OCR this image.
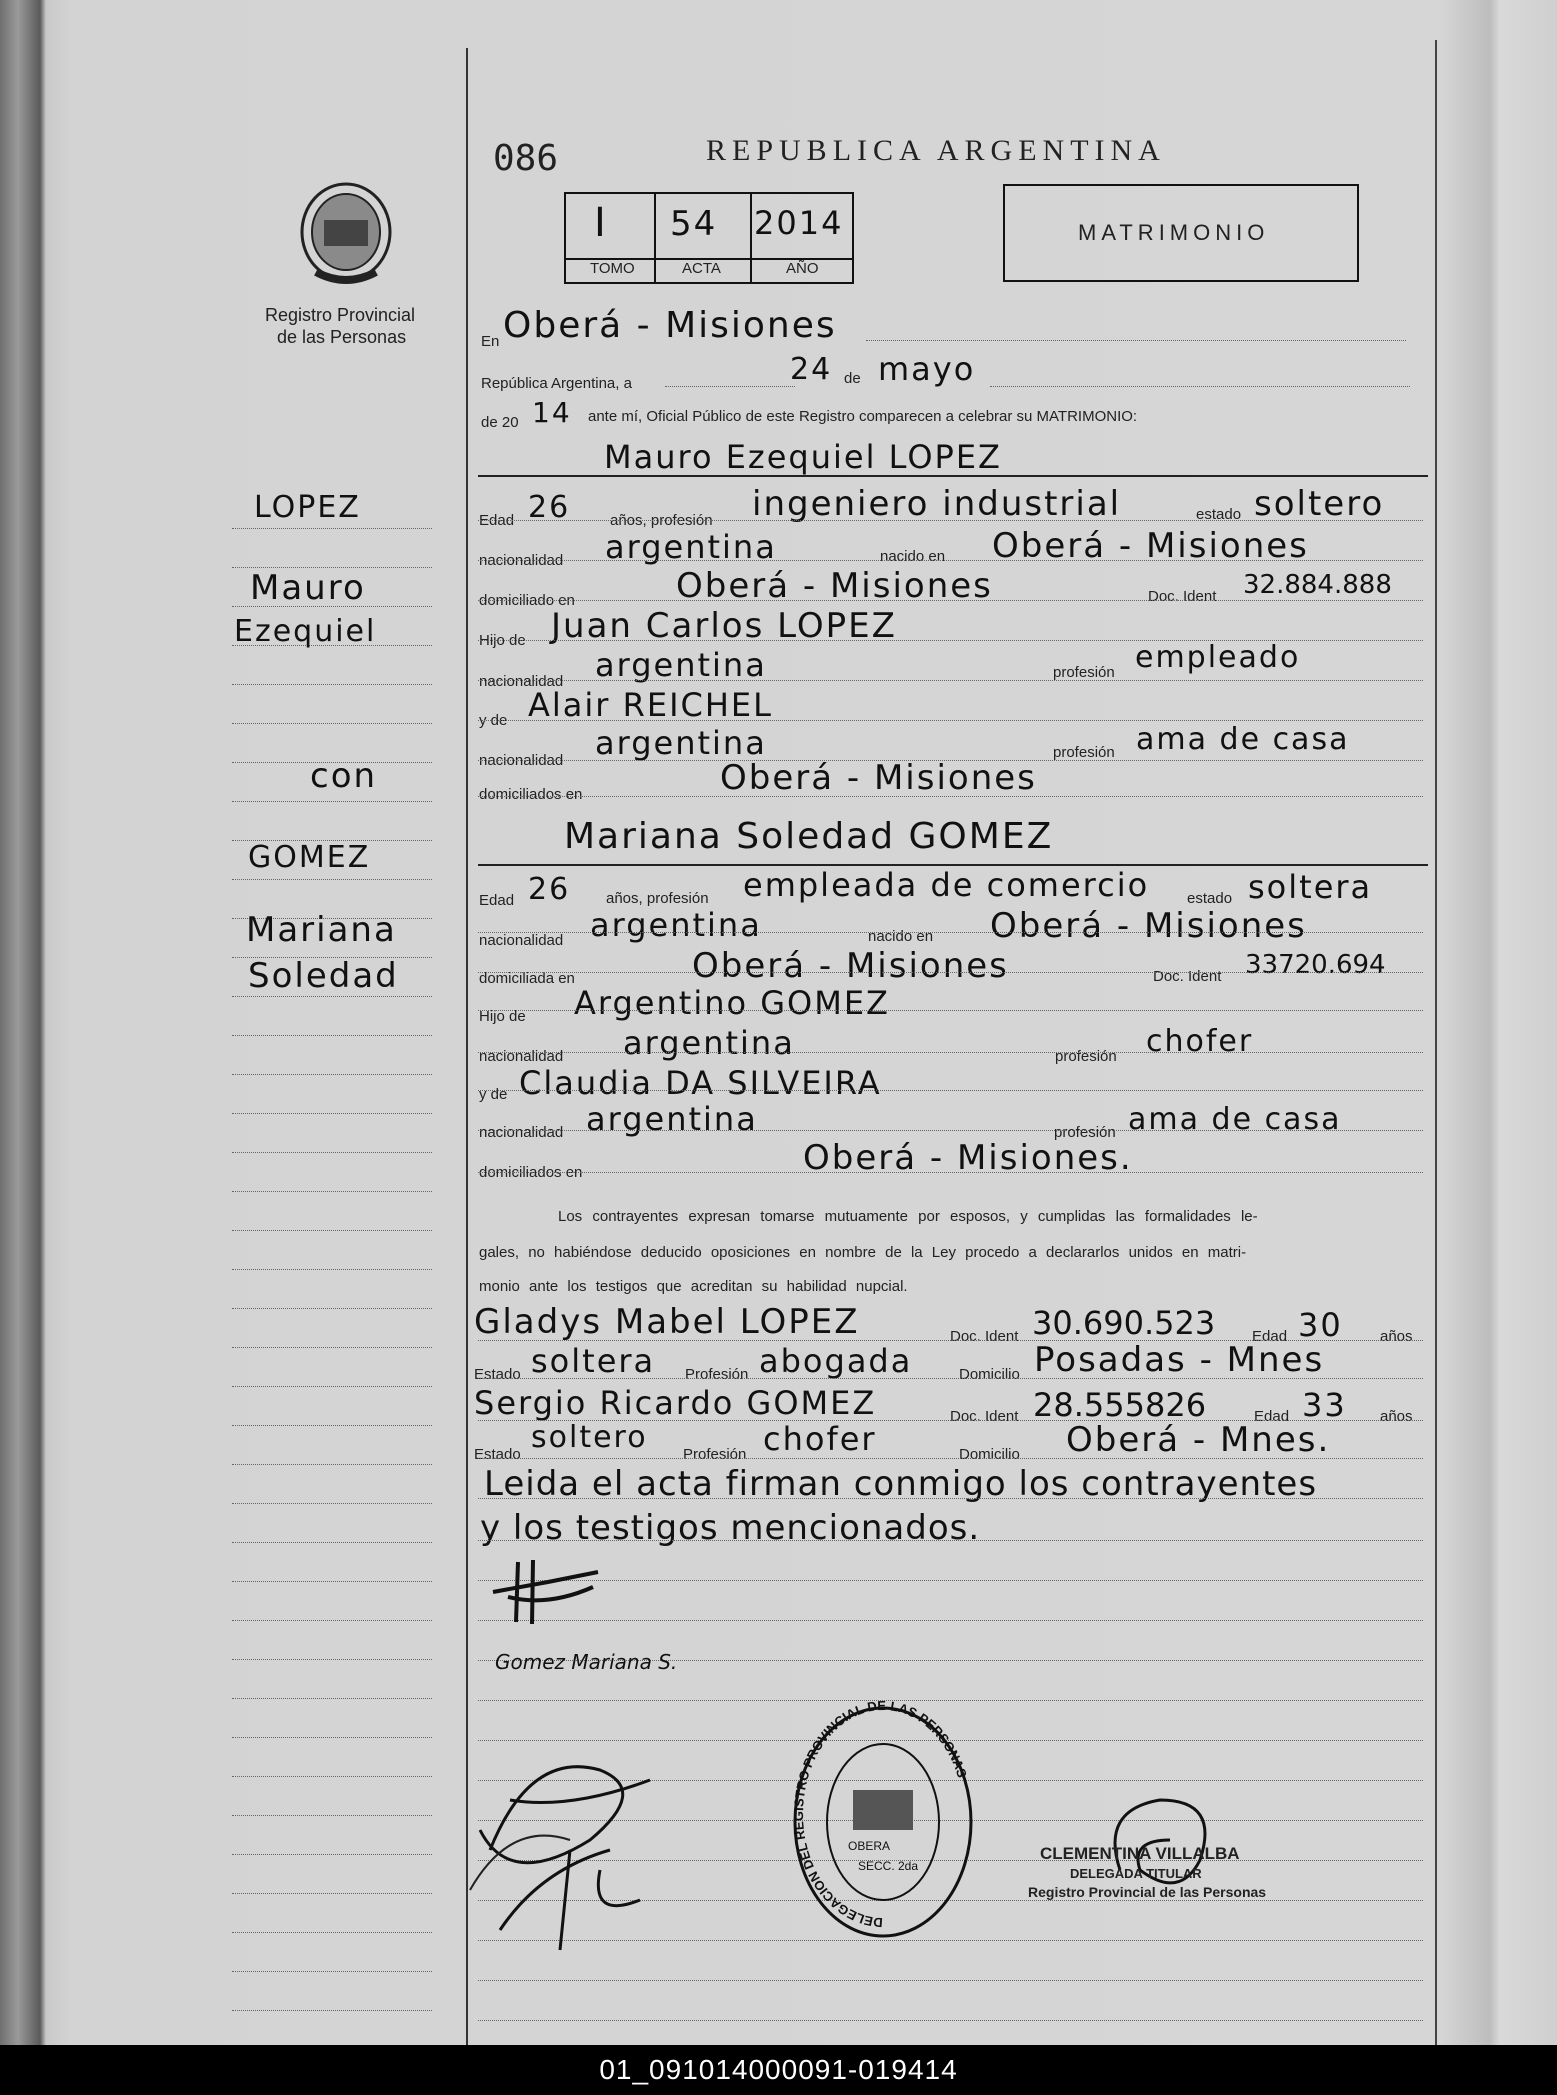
086	REPUBLICA ARGENTINA
I 54 2014
TOMO	ACTA	AÑO
MATRIMONIO
Registro Provincial
de las Personas
LOPEZ
Mauro
Ezequiel
con
GOMEZ
Mariana
Soledad
En Oberá - Misiones
República Argentina, a	24 de mayo
de 20 14 ante mí, Oficial Público de este Registro comparecen a celebrar su MATRIMONIO:
Mauro Ezequiel LOPEZ
Edad 26	años, profesión ingeniero industrial	estado soltero
nacionalidad argentina	nacido en Oberá - Misiones
domiciliado en	Oberá - Misiones	Doc. Ident 32.884.888
Hijo de Juan Carlos LOPEZ
nacionalidad argentina	profesión empleado
y de Alair REICHEL
nacionalidad argentina	profesión ama de casa
domiciliados en	Oberá - Misiones
Mariana Soledad GOMEZ
Edad 26 años, profesión empleada de comercio	estado soltera
nacionalidad argentina	nacido en Oberá - Misiones
domiciliada en	Oberá - Misiones	Doc. Ident 33720.694
Hijo de Argentino GOMEZ
nacionalidad argentina	profesión chofer
y de Claudia DA SILVEIRA
nacionalidad argentina	profesión ama de casa
domiciliados en	Oberá - Misiones.
Los contrayentes expresan tomarse mutuamente por esposos, y cumplidas las formalidades le-
gales, no habiéndose deducido oposiciones en nombre de la Ley procedo a declararlos unidos en matri-
monio ante los testigos que acreditan su habilidad nupcial.
Gladys Mabel LOPEZ	Doc. Ident 30.690.523 Edad 30 años
Estado soltera Profesión abogada	Domicilio Posadas - Mnes
Sergio Ricardo GOMEZ	Doc. Ident 28.555826	Edad 33 años
Estado soltero Profesión chofer	Domicilio Oberá - Mnes.
Leida el acta firman conmigo los contrayentes
y los testigos mencionados.
Gomez Mariana S.
DELEGACION DEL REGISTRO PROVINCIAL DE LAS PERSONAS
OBERA
SECC. 2da
CLEMENTINA VILLALBA
DELEGADA TITULAR
Registro Provincial de las Personas
01_091014000091-019414
